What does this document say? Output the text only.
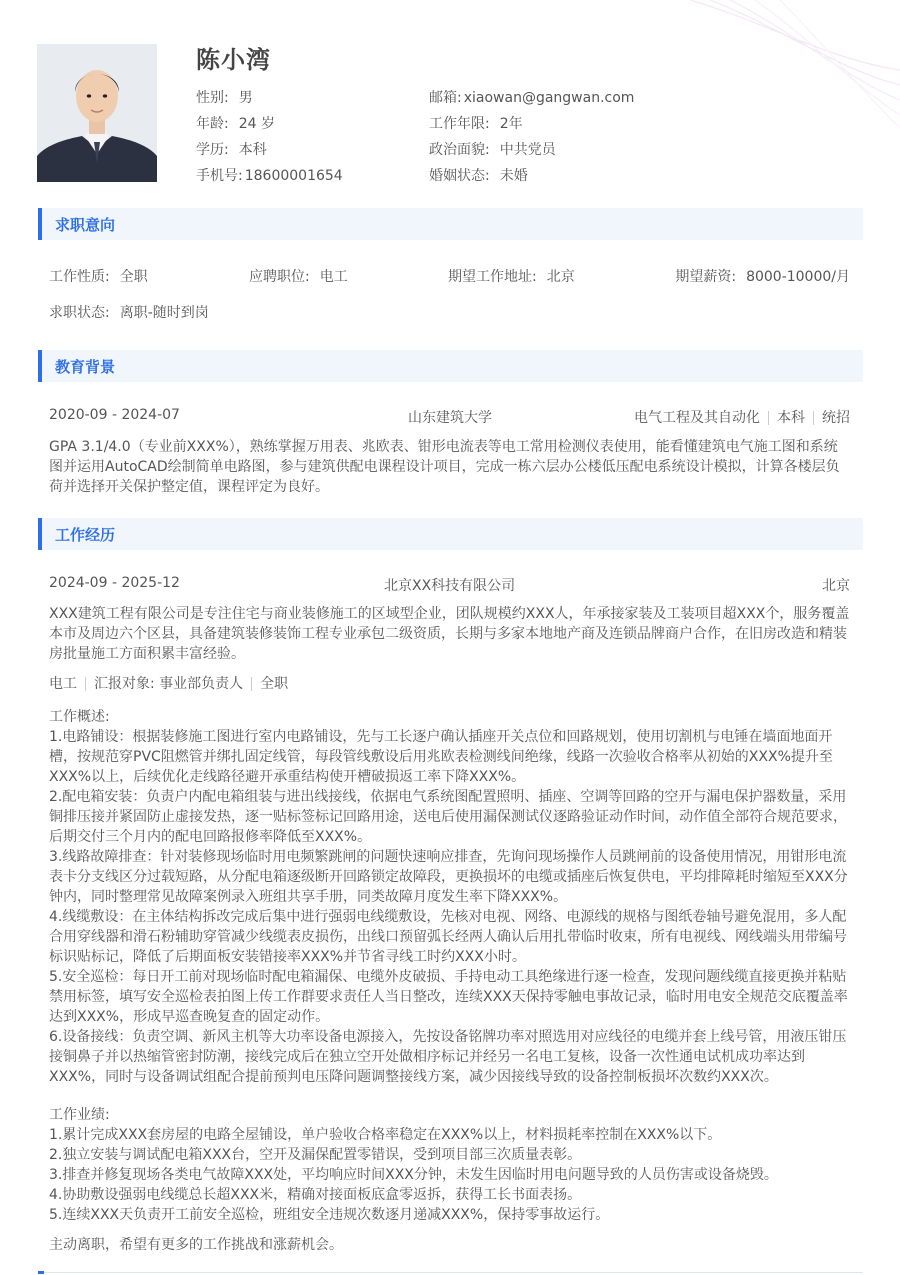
陈小湾
性别: 男
年龄: 24 岁
学历: 本科
手机号: 18600001654
邮箱: xiaowan@gangwan.com
工作年限: 2年
政治面貌: 中共党员
婚姻状态: 未婚
求职意向
工作性质: 全职	应聘职位: 电工	期望工作地址: 北京	期望薪资: 8000-10000/月
求职状态: 离职-随时到岗
教育背景
2020-09 - 2024-07	山东建筑大学	电气工程及其自动化 本科 统招
GPA 3.1/4.0（专业前XXX%），熟练掌握万用表、兆欧表、钳形电流表等电工常用检测仪表使用，能看懂建筑电气施工图和系统
图并运用AutoCAD绘制简单电路图，参与建筑供配电课程设计项目，完成一栋六层办公楼低压配电系统设计模拟，计算各楼层负
荷并选择开关保护整定值，课程评定为良好。
工作经历
2024-09 - 2025-12	北京XX科技有限公司	北京
XXX建筑工程有限公司是专注住宅与商业装修施工的区域型企业，团队规模约XXX人，年承接家装及工装项目超XXX个，服务覆盖
本市及周边六个区县，具备建筑装修装饰工程专业承包二级资质，长期与多家本地地产商及连锁品牌商户合作，在旧房改造和精装
房批量施工方面积累丰富经验。
电工 汇报对象: 事业部负责人 全职
工作概述:
1.电路铺设：根据装修施工图进行室内电路铺设，先与工长逐户确认插座开关点位和回路规划，使用切割机与电锤在墙面地面开
槽，按规范穿PVC阻燃管并绑扎固定线管，每段管线敷设后用兆欧表检测线间绝缘，线路一次验收合格率从初始的XXX%提升至
XXX%以上，后续优化走线路径避开承重结构使开槽破损返工率下降XXX%。
2.配电箱安装：负责户内配电箱组装与进出线接线，依据电气系统图配置照明、插座、空调等回路的空开与漏电保护器数量，采用
铜排压接并紧固防止虚接发热，逐一贴标签标记回路用途，送电后使用漏保测试仪逐路验证动作时间，动作值全部符合规范要求，
后期交付三个月内的配电回路报修率降低至XXX%。
3.线路故障排查：针对装修现场临时用电频繁跳闸的问题快速响应排查，先询问现场操作人员跳闸前的设备使用情况，用钳形电流
表卡分支线区分过载短路，从分配电箱逐级断开回路锁定故障段，更换损坏的电缆或插座后恢复供电，平均排障耗时缩短至XXX分
钟内，同时整理常见故障案例录入班组共享手册，同类故障月度发生率下降XXX%。
4.线缆敷设：在主体结构拆改完成后集中进行强弱电线缆敷设，先核对电视、网络、电源线的规格与图纸卷轴号避免混用，多人配
合用穿线器和滑石粉辅助穿管减少线缆表皮损伤，出线口预留弧长经两人确认后用扎带临时收束，所有电视线、网线端头用带编号
标识贴标记，降低了后期面板安装错接率XXX%并节省寻线工时约XXX小时。
5.安全巡检：每日开工前对现场临时配电箱漏保、电缆外皮破损、手持电动工具绝缘进行逐一检查，发现问题线缆直接更换并粘贴
禁用标签，填写安全巡检表拍图上传工作群要求责任人当日整改，连续XXX天保持零触电事故记录，临时用电安全规范交底覆盖率
达到XXX%，形成早巡查晚复查的固定动作。
6.设备接线：负责空调、新风主机等大功率设备电源接入，先按设备铭牌功率对照选用对应线径的电缆并套上线号管，用液压钳压
接铜鼻子并以热缩管密封防潮，接线完成后在独立空开处做相序标记并经另一名电工复核，设备一次性通电试机成功率达到
XXX%，同时与设备调试组配合提前预判电压降问题调整接线方案，减少因接线导致的设备控制板损坏次数约XXX次。
工作业绩:
1.累计完成XXX套房屋的电路全屋铺设，单户验收合格率稳定在XXX%以上，材料损耗率控制在XXX%以下。
2.独立安装与调试配电箱XXX台，空开及漏保配置零错误，受到项目部三次质量表彰。
3.排查并修复现场各类电气故障XXX处，平均响应时间XXX分钟，未发生因临时用电问题导致的人员伤害或设备烧毁。
4.协助敷设强弱电线缆总长超XXX米，精确对接面板底盒零返拆，获得工长书面表扬。
5.连续XXX天负责开工前安全巡检，班组安全违规次数逐月递减XXX%，保持零事故运行。
主动离职，希望有更多的工作挑战和涨薪机会。
